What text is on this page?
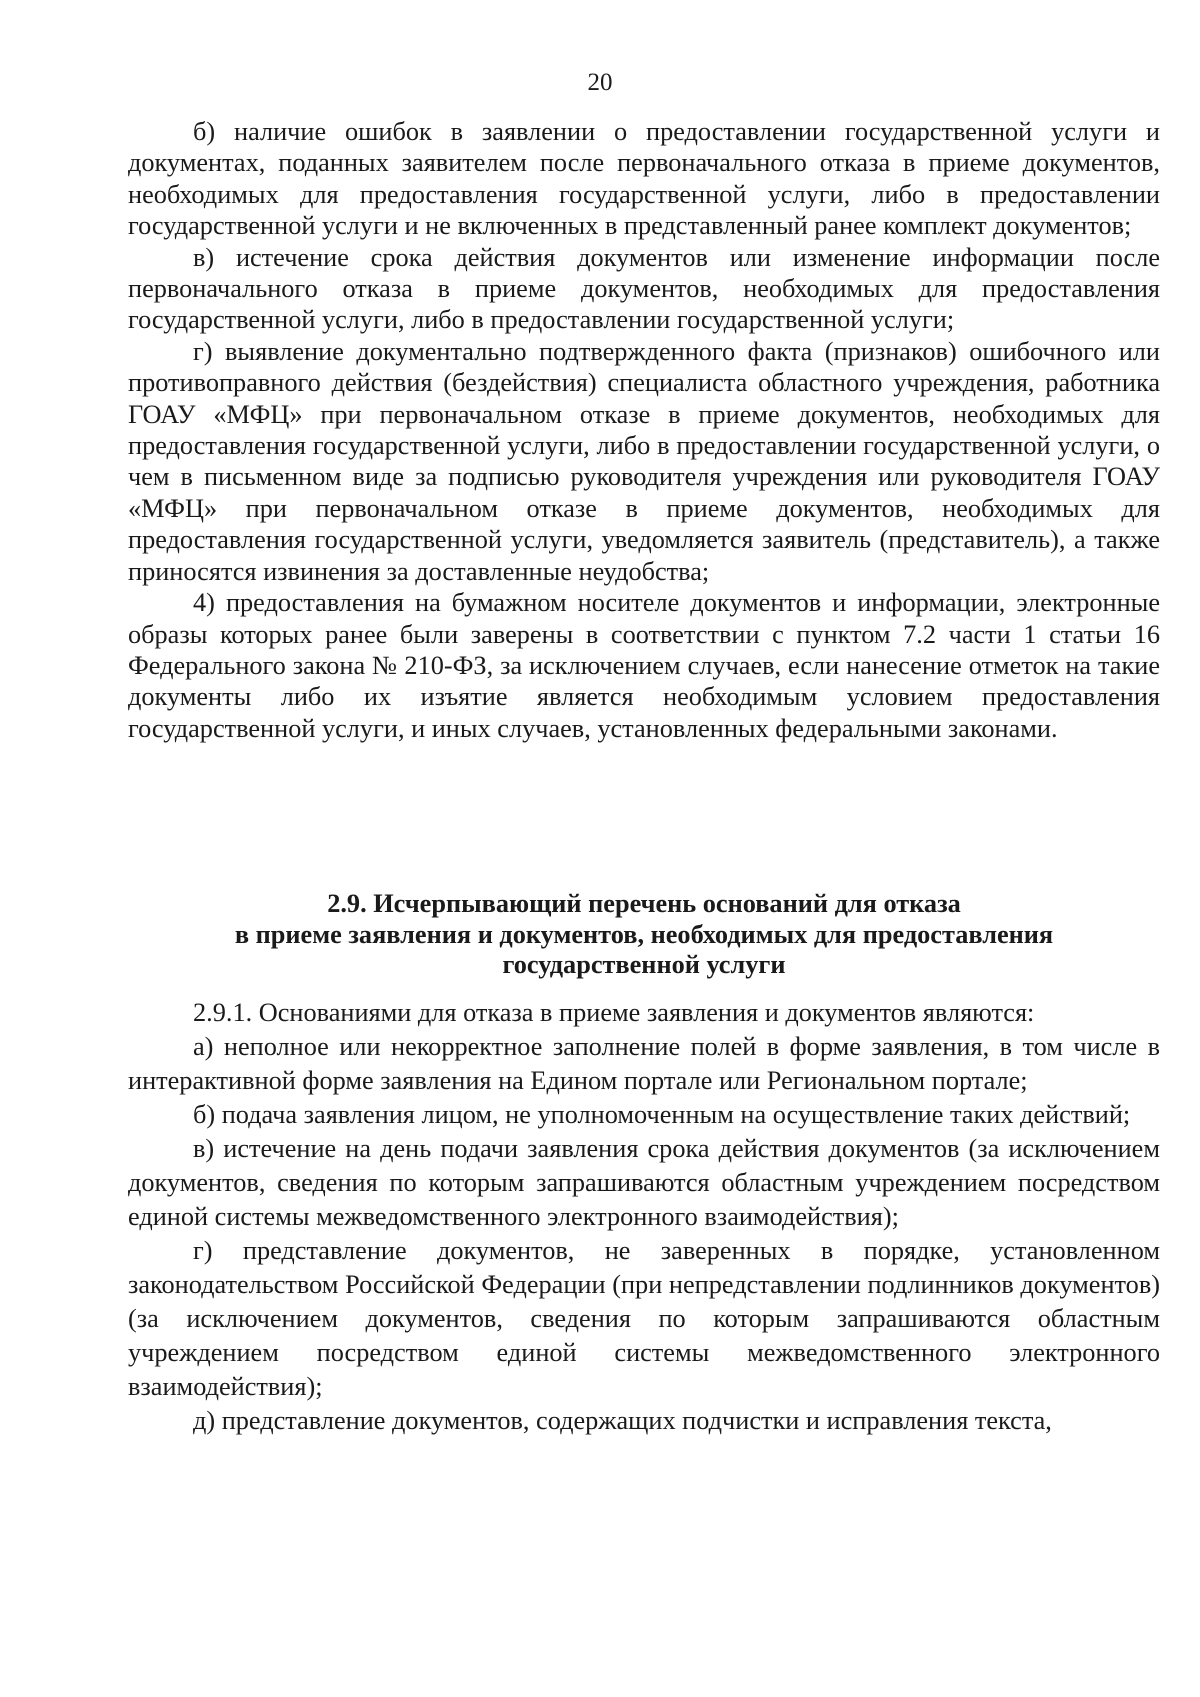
20

б) наличие ошибок в заявлении о предоставлении государственной услуги и документах, поданных заявителем после первоначального отказа в приеме документов, необходимых для предоставления государственной услуги, либо в предоставлении государственной услуги и не включенных в представленный ранее комплект документов;

в) истечение срока действия документов или изменение информации после первоначального отказа в приеме документов, необходимых для предоставления государственной услуги, либо в предоставлении государственной услуги;

г) выявление документально подтвержденного факта (признаков) ошибочного или противоправного действия (бездействия) специалиста областного учреждения, работника ГОАУ «МФЦ» при первоначальном отказе в приеме документов, необходимых для предоставления государственной услуги, либо в предоставлении государственной услуги, о чем в письменном виде за подписью руководителя учреждения или руководителя ГОАУ «МФЦ» при первоначальном отказе в приеме документов, необходимых для предоставления государственной услуги, уведомляется заявитель (представитель), а также приносятся извинения за доставленные неудобства;

4) предоставления на бумажном носителе документов и информации, электронные образы которых ранее были заверены в соответствии с пунктом 7.2 части 1 статьи 16 Федерального закона № 210-ФЗ, за исключением случаев, если нанесение отметок на такие документы либо их изъятие является необходимым условием предоставления государственной услуги, и иных случаев, установленных федеральными законами.

2.9. Исчерпывающий перечень оснований для отказа
в приеме заявления и документов, необходимых для предоставления
государственной услуги

2.9.1. Основаниями для отказа в приеме заявления и документов являются:

а) неполное или некорректное заполнение полей в форме заявления, в том числе в интерактивной форме заявления на Едином портале или Региональном портале;

б) подача заявления лицом, не уполномоченным на осуществление таких действий;

в) истечение на день подачи заявления срока действия документов (за исключением документов, сведения по которым запрашиваются областным учреждением посредством единой системы межведомственного электронного взаимодействия);

г) представление документов, не заверенных в порядке, установленном законодательством Российской Федерации (при непредставлении подлинников документов) (за исключением документов, сведения по которым запрашиваются областным учреждением посредством единой системы межведомственного электронного взаимодействия);

д) представление документов, содержащих подчистки и исправления текста,
